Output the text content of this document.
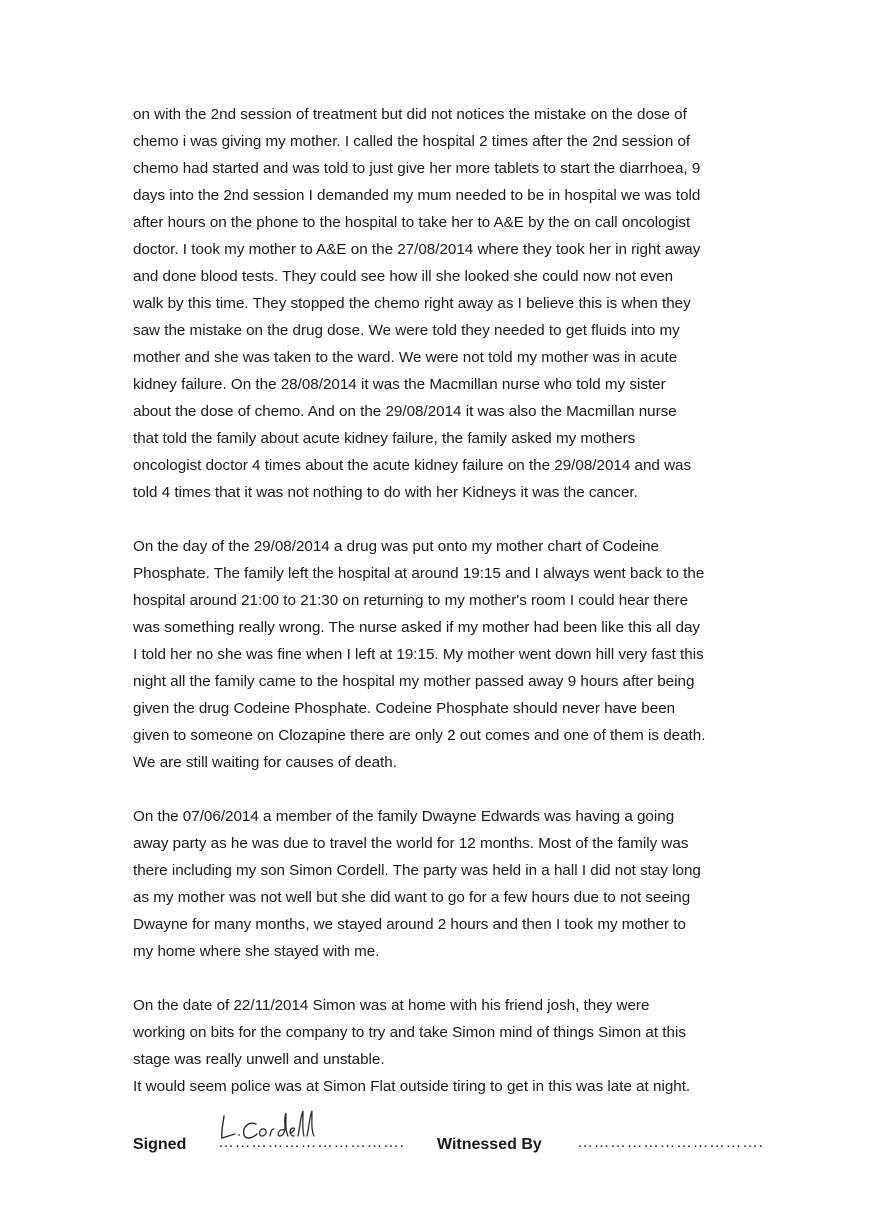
on with the 2nd session of treatment but did not notices the mistake on the dose of
chemo i was giving my mother. I called the hospital 2 times after the 2nd session of
chemo had started and was told to just give her more tablets to start the diarrhoea, 9
days into the 2nd session I demanded my mum needed to be in hospital we was told
after hours on the phone to the hospital to take her to A&E by the on call oncologist
doctor. I took my mother to A&E on the 27/08/2014 where they took her in right away
and done blood tests. They could see how ill she looked she could now not even
walk by this time. They stopped the chemo right away as I believe this is when they
saw the mistake on the drug dose. We were told they needed to get fluids into my
mother and she was taken to the ward. We were not told my mother was in acute
kidney failure. On the 28/08/2014 it was the Macmillan nurse who told my sister
about the dose of chemo. And on the 29/08/2014 it was also the Macmillan nurse
that told the family about acute kidney failure, the family asked my mothers
oncologist doctor 4 times about the acute kidney failure on the 29/08/2014 and was
told 4 times that it was not nothing to do with her Kidneys it was the cancer.

On the day of the 29/08/2014 a drug was put onto my mother chart of Codeine
Phosphate. The family left the hospital at around 19:15 and I always went back to the
hospital around 21:00 to 21:30 on returning to my mother's room I could hear there
was something really wrong. The nurse asked if my mother had been like this all day
I told her no she was fine when I left at 19:15. My mother went down hill very fast this
night all the family came to the hospital my mother passed away 9 hours after being
given the drug Codeine Phosphate. Codeine Phosphate should never have been
given to someone on Clozapine there are only 2 out comes and one of them is death.
We are still waiting for causes of death.

On the 07/06/2014 a member of the family Dwayne Edwards was having a going
away party as he was due to travel the world for 12 months. Most of the family was
there including my son Simon Cordell. The party was held in a hall I did not stay long
as my mother was not well but she did want to go for a few hours due to not seeing
Dwayne for many months, we stayed around 2 hours and then I took my mother to
my home where she stayed with me.

On the date of 22/11/2014 Simon was at home with his friend josh, they were
working on bits for the company to try and take Simon mind of things Simon at this
stage was really unwell and unstable.
It would seem police was at Simon Flat outside tiring to get in this was late at night.

Signed ……………………………. Witnessed By …………………………….
